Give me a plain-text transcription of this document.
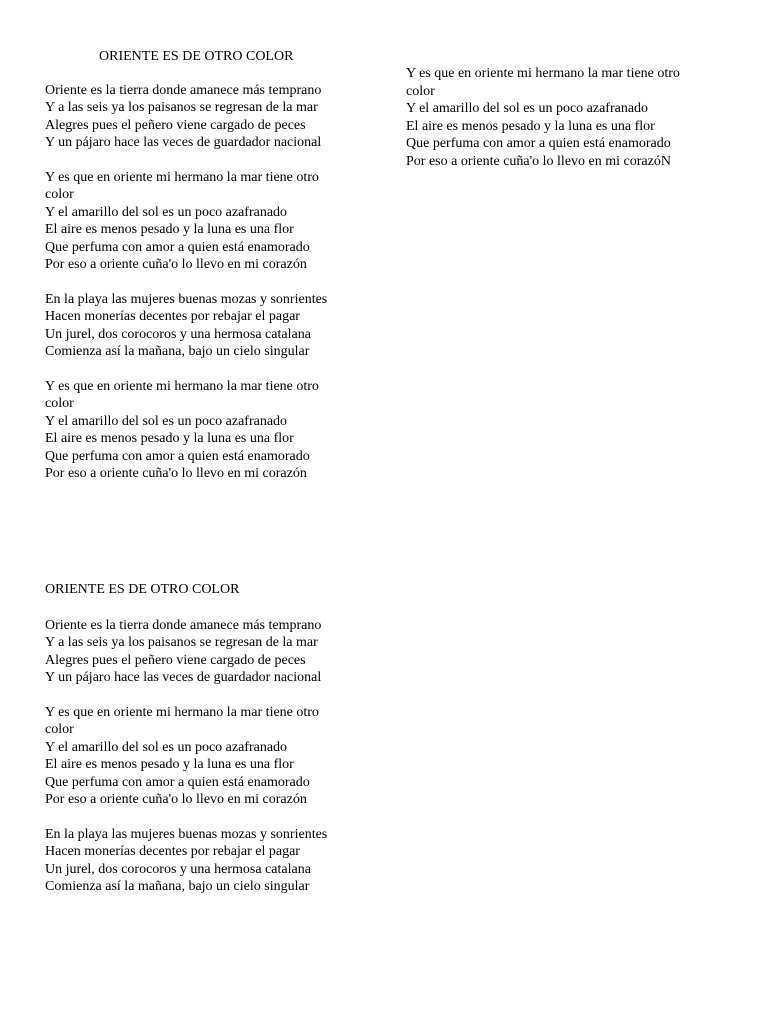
ORIENTE ES DE OTRO COLOR
Oriente es la tierra donde amanece más temprano
Y a las seis ya los paisanos se regresan de la mar
Alegres pues el peñero viene cargado de peces
Y un pájaro hace las veces de guardador nacional
Y es que en oriente mi hermano la mar tiene otro
color
Y el amarillo del sol es un poco azafranado
El aire es menos pesado y la luna es una flor
Que perfuma con amor a quien está enamorado
Por eso a oriente cuña'o lo llevo en mi corazón
En la playa las mujeres buenas mozas y sonrientes
Hacen monerías decentes por rebajar el pagar
Un jurel, dos corocoros y una hermosa catalana
Comienza así la mañana, bajo un cielo singular
Y es que en oriente mi hermano la mar tiene otro
color
Y el amarillo del sol es un poco azafranado
El aire es menos pesado y la luna es una flor
Que perfuma con amor a quien está enamorado
Por eso a oriente cuña'o lo llevo en mi corazón
Y es que en oriente mi hermano la mar tiene otro
color
Y el amarillo del sol es un poco azafranado
El aire es menos pesado y la luna es una flor
Que perfuma con amor a quien está enamorado
Por eso a oriente cuña'o lo llevo en mi corazóN
ORIENTE ES DE OTRO COLOR
Oriente es la tierra donde amanece más temprano
Y a las seis ya los paisanos se regresan de la mar
Alegres pues el peñero viene cargado de peces
Y un pájaro hace las veces de guardador nacional
Y es que en oriente mi hermano la mar tiene otro
color
Y el amarillo del sol es un poco azafranado
El aire es menos pesado y la luna es una flor
Que perfuma con amor a quien está enamorado
Por eso a oriente cuña'o lo llevo en mi corazón
En la playa las mujeres buenas mozas y sonrientes
Hacen monerías decentes por rebajar el pagar
Un jurel, dos corocoros y una hermosa catalana
Comienza así la mañana, bajo un cielo singular
